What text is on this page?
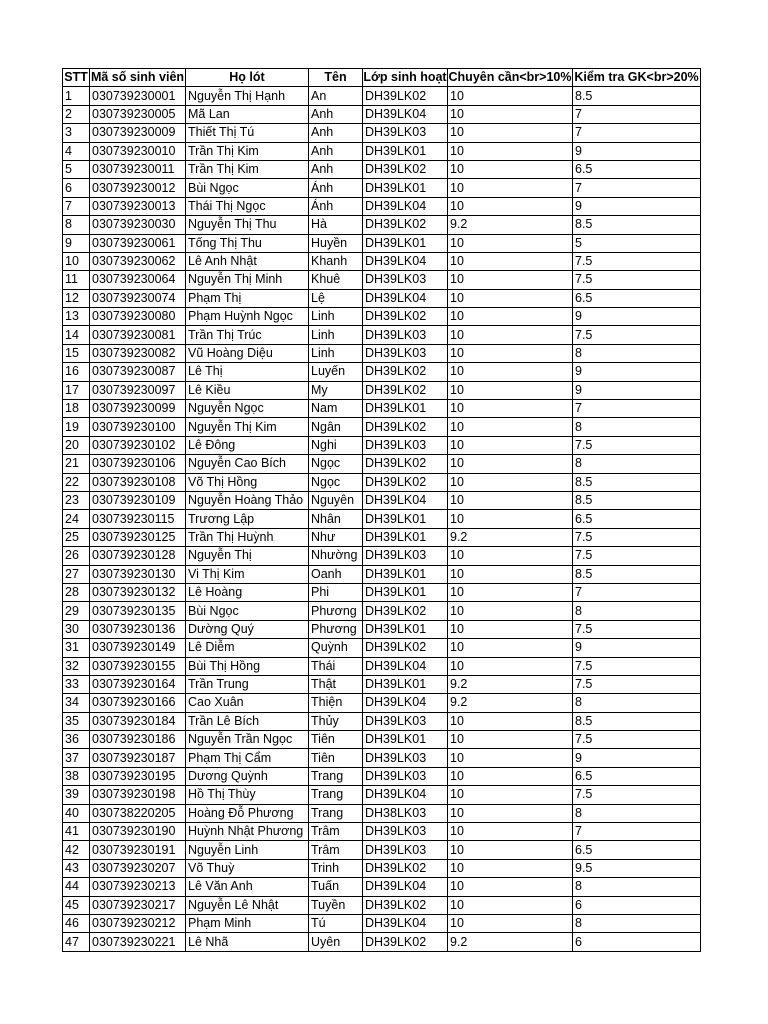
STT	Mã số sinh viên	Họ lót	Tên	Lớp sinh hoạt	Chuyên cần<br>10%	Kiểm tra GK<br>20%
1	030739230001	Nguyễn Thị Hạnh	An	DH39LK02	10	8.5
2	030739230005	Mã Lan	Anh	DH39LK04	10	7
3	030739230009	Thiết Thị Tú	Anh	DH39LK03	10	7
4	030739230010	Trần Thị Kim	Anh	DH39LK01	10	9
5	030739230011	Trần Thị Kim	Anh	DH39LK02	10	6.5
6	030739230012	Bùi Ngọc	Ánh	DH39LK01	10	7
7	030739230013	Thái Thị Ngọc	Ánh	DH39LK04	10	9
8	030739230030	Nguyễn Thị Thu	Hà	DH39LK02	9.2	8.5
9	030739230061	Tống Thị Thu	Huyền	DH39LK01	10	5
10	030739230062	Lê Anh Nhật	Khanh	DH39LK04	10	7.5
11	030739230064	Nguyễn Thị Minh	Khuê	DH39LK03	10	7.5
12	030739230074	Phạm Thị	Lệ	DH39LK04	10	6.5
13	030739230080	Phạm Huỳnh Ngọc	Linh	DH39LK02	10	9
14	030739230081	Trần Thị Trúc	Linh	DH39LK03	10	7.5
15	030739230082	Vũ Hoàng Diệu	Linh	DH39LK03	10	8
16	030739230087	Lê Thị	Luyến	DH39LK02	10	9
17	030739230097	Lê Kiều	My	DH39LK02	10	9
18	030739230099	Nguyễn Ngọc	Nam	DH39LK01	10	7
19	030739230100	Nguyễn Thị Kim	Ngân	DH39LK02	10	8
20	030739230102	Lê Đông	Nghi	DH39LK03	10	7.5
21	030739230106	Nguyễn Cao Bích	Ngọc	DH39LK02	10	8
22	030739230108	Võ Thị Hồng	Ngọc	DH39LK02	10	8.5
23	030739230109	Nguyễn Hoàng Thảo	Nguyên	DH39LK04	10	8.5
24	030739230115	Trương Lập	Nhân	DH39LK01	10	6.5
25	030739230125	Trần Thị Huỳnh	Như	DH39LK01	9.2	7.5
26	030739230128	Nguyễn Thị	Nhường	DH39LK03	10	7.5
27	030739230130	Vi Thị Kim	Oanh	DH39LK01	10	8.5
28	030739230132	Lê Hoàng	Phi	DH39LK01	10	7
29	030739230135	Bùi Ngọc	Phương	DH39LK02	10	8
30	030739230136	Dường Quý	Phương	DH39LK01	10	7.5
31	030739230149	Lê Diễm	Quỳnh	DH39LK02	10	9
32	030739230155	Bùi Thị Hồng	Thái	DH39LK04	10	7.5
33	030739230164	Trần Trung	Thật	DH39LK01	9.2	7.5
34	030739230166	Cao Xuân	Thiện	DH39LK04	9.2	8
35	030739230184	Trần Lê Bích	Thủy	DH39LK03	10	8.5
36	030739230186	Nguyễn Trần Ngọc	Tiên	DH39LK01	10	7.5
37	030739230187	Phạm Thị Cẩm	Tiên	DH39LK03	10	9
38	030739230195	Dương Quỳnh	Trang	DH39LK03	10	6.5
39	030739230198	Hồ Thị Thùy	Trang	DH39LK04	10	7.5
40	030738220205	Hoàng Đỗ Phương	Trang	DH38LK03	10	8
41	030739230190	Huỳnh Nhật Phương	Trâm	DH39LK03	10	7
42	030739230191	Nguyễn Linh	Trâm	DH39LK03	10	6.5
43	030739230207	Võ Thuỳ	Trinh	DH39LK02	10	9.5
44	030739230213	Lê Văn Anh	Tuấn	DH39LK04	10	8
45	030739230217	Nguyễn Lê Nhật	Tuyền	DH39LK02	10	6
46	030739230212	Phạm Minh	Tú	DH39LK04	10	8
47	030739230221	Lê Nhã	Uyên	DH39LK02	9.2	6
